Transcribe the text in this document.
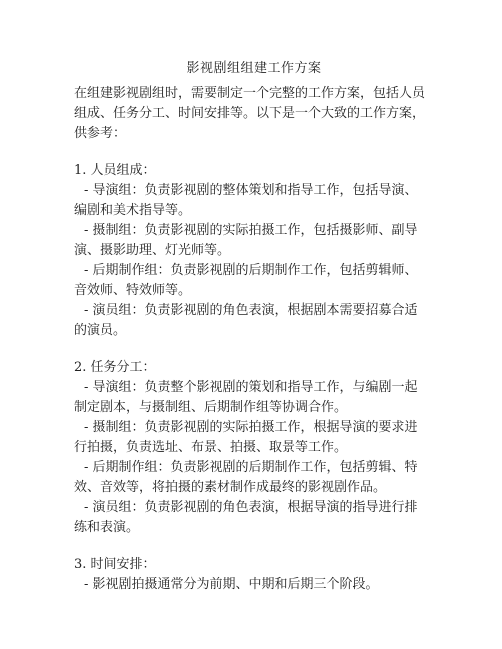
影视剧组组建工作方案
在组建影视剧组时，需要制定一个完整的工作方案，包括人员
组成、任务分工、时间安排等。以下是一个大致的工作方案，
供参考：
1. 人员组成：
- 导演组：负责影视剧的整体策划和指导工作，包括导演、
编剧和美术指导等。
- 摄制组：负责影视剧的实际拍摄工作，包括摄影师、副导
演、摄影助理、灯光师等。
- 后期制作组：负责影视剧的后期制作工作，包括剪辑师、
音效师、特效师等。
- 演员组：负责影视剧的角色表演，根据剧本需要招募合适
的演员。
2. 任务分工：
- 导演组：负责整个影视剧的策划和指导工作，与编剧一起
制定剧本，与摄制组、后期制作组等协调合作。
- 摄制组：负责影视剧的实际拍摄工作，根据导演的要求进
行拍摄，负责选址、布景、拍摄、取景等工作。
- 后期制作组：负责影视剧的后期制作工作，包括剪辑、特
效、音效等，将拍摄的素材制作成最终的影视剧作品。
- 演员组：负责影视剧的角色表演，根据导演的指导进行排
练和表演。
3. 时间安排：
- 影视剧拍摄通常分为前期、中期和后期三个阶段。
